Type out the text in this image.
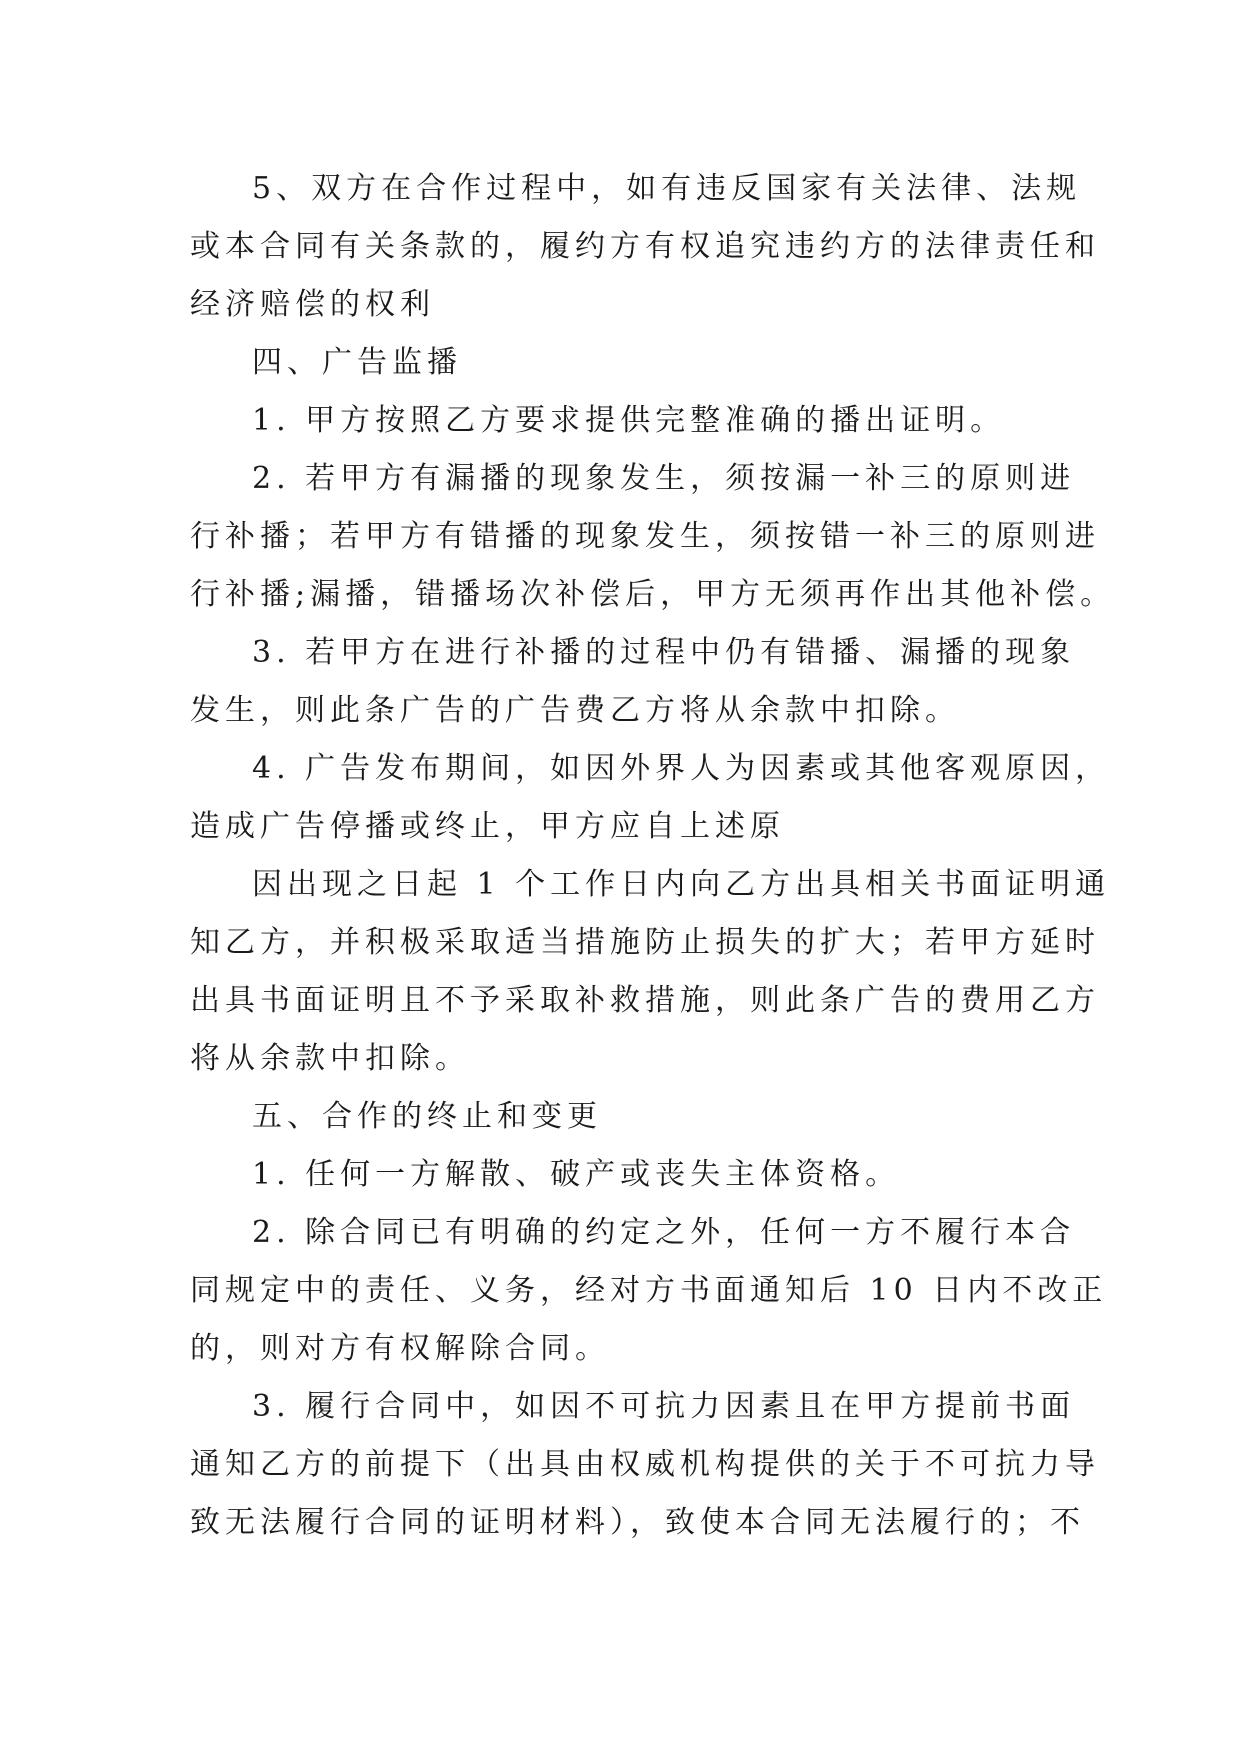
5、双方在合作过程中，如有违反国家有关法律、法规
或本合同有关条款的，履约方有权追究违约方的法律责任和
经济赔偿的权利
四、广告监播
1. 甲方按照乙方要求提供完整准确的播出证明。
2. 若甲方有漏播的现象发生，须按漏一补三的原则进
行补播；若甲方有错播的现象发生，须按错一补三的原则进
行补播;漏播，错播场次补偿后，甲方无须再作出其他补偿。
3. 若甲方在进行补播的过程中仍有错播、漏播的现象
发生，则此条广告的广告费乙方将从余款中扣除。
4. 广告发布期间，如因外界人为因素或其他客观原因，
造成广告停播或终止，甲方应自上述原
因出现之日起 1 个工作日内向乙方出具相关书面证明通
知乙方，并积极采取适当措施防止损失的扩大；若甲方延时
出具书面证明且不予采取补救措施，则此条广告的费用乙方
将从余款中扣除。
五、合作的终止和变更
1. 任何一方解散、破产或丧失主体资格。
2. 除合同已有明确的约定之外，任何一方不履行本合
同规定中的责任、义务，经对方书面通知后 10 日内不改正
的，则对方有权解除合同。
3. 履行合同中，如因不可抗力因素且在甲方提前书面
通知乙方的前提下（出具由权威机构提供的关于不可抗力导
致无法履行合同的证明材料），致使本合同无法履行的；不
